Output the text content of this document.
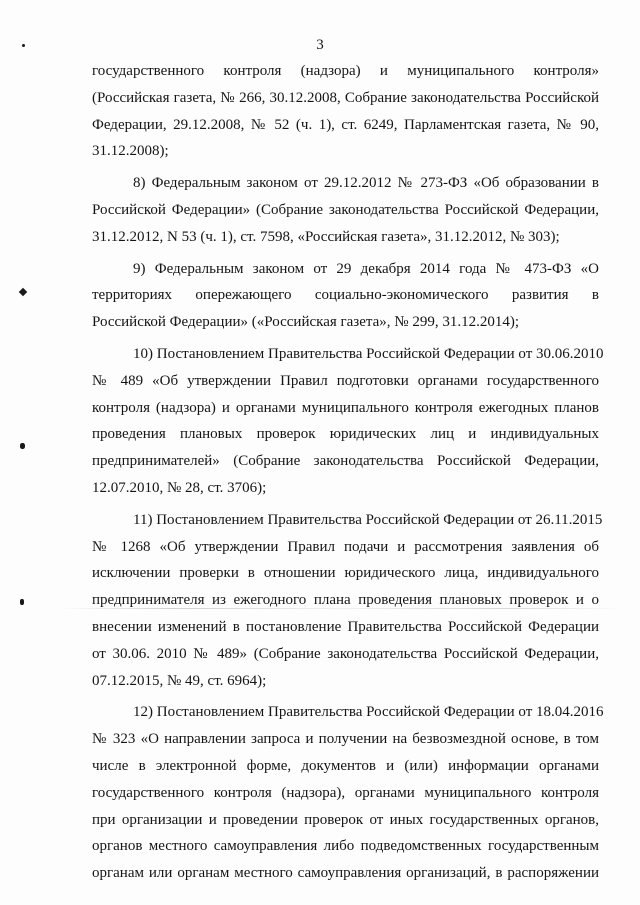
3
государственного контроля (надзора) и муниципального контроля»
(Российская газета, № 266, 30.12.2008, Собрание законодательства Российской
Федерации, 29.12.2008, № 52 (ч. 1), ст. 6249, Парламентская газета, № 90,
31.12.2008);
8) Федеральным законом от 29.12.2012 № 273-ФЗ «Об образовании в
Российской Федерации» (Собрание законодательства Российской Федерации,
31.12.2012, N 53 (ч. 1), ст. 7598, «Российская газета», 31.12.2012, № 303);
9) Федеральным законом от 29 декабря 2014 года № 473-ФЗ «О
территориях опережающего социально-экономического развития в
Российской Федерации» («Российская газета», № 299, 31.12.2014);
10) Постановлением Правительства Российской Федерации от 30.06.2010
№ 489 «Об утверждении Правил подготовки органами государственного
контроля (надзора) и органами муниципального контроля ежегодных планов
проведения плановых проверок юридических лиц и индивидуальных
предпринимателей» (Собрание законодательства Российской Федерации,
12.07.2010, № 28, ст. 3706);
11) Постановлением Правительства Российской Федерации от 26.11.2015
№ 1268 «Об утверждении Правил подачи и рассмотрения заявления об
исключении проверки в отношении юридического лица, индивидуального
предпринимателя из ежегодного плана проведения плановых проверок и о
внесении изменений в постановление Правительства Российской Федерации
от 30.06. 2010 № 489» (Собрание законодательства Российской Федерации,
07.12.2015, № 49, ст. 6964);
12) Постановлением Правительства Российской Федерации от 18.04.2016
№ 323 «О направлении запроса и получении на безвозмездной основе, в том
числе в электронной форме, документов и (или) информации органами
государственного контроля (надзора), органами муниципального контроля
при организации и проведении проверок от иных государственных органов,
органов местного самоуправления либо подведомственных государственным
органам или органам местного самоуправления организаций, в распоряжении
